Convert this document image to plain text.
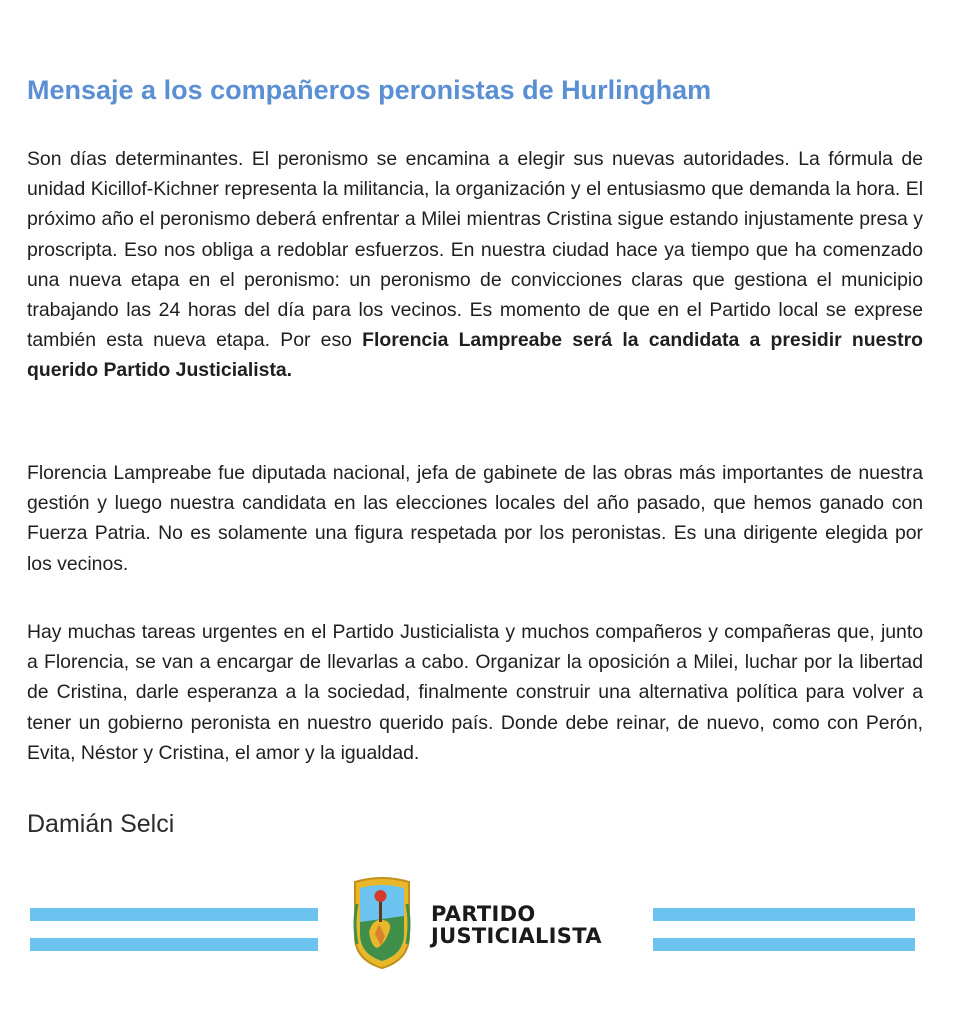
Mensaje a los compañeros peronistas de Hurlingham

Son días determinantes. El peronismo se encamina a elegir sus nuevas autoridades. La fórmula de unidad Kicillof-Kichner representa la militancia, la organización y el entusiasmo que demanda la hora. El próximo año el peronismo deberá enfrentar a Milei mientras Cristina sigue estando injustamente presa y proscripta. Eso nos obliga a redoblar esfuerzos. En nuestra ciudad hace ya tiempo que ha comenzado una nueva etapa en el peronismo: un peronismo de convicciones claras que gestiona el municipio trabajando las 24 horas del día para los vecinos. Es momento de que en el Partido local se exprese también esta nueva etapa. Por eso Florencia Lampreabe será la candidata a presidir nuestro querido Partido Justicialista.

Florencia Lampreabe fue diputada nacional, jefa de gabinete de las obras más importantes de nuestra gestión y luego nuestra candidata en las elecciones locales del año pasado, que hemos ganado con Fuerza Patria. No es solamente una figura respetada por los peronistas. Es una dirigente elegida por los vecinos.

Hay muchas tareas urgentes en el Partido Justicialista y muchos compañeros y compañeras que, junto a Florencia, se van a encargar de llevarlas a cabo. Organizar la oposición a Milei, luchar por la libertad de Cristina, darle esperanza a la sociedad, finalmente construir una alternativa política para volver a tener un gobierno peronista en nuestro querido país. Donde debe reinar, de nuevo, como con Perón, Evita, Néstor y Cristina, el amor y la igualdad.

Damián Selci

PARTIDO
JUSTICIALISTA
